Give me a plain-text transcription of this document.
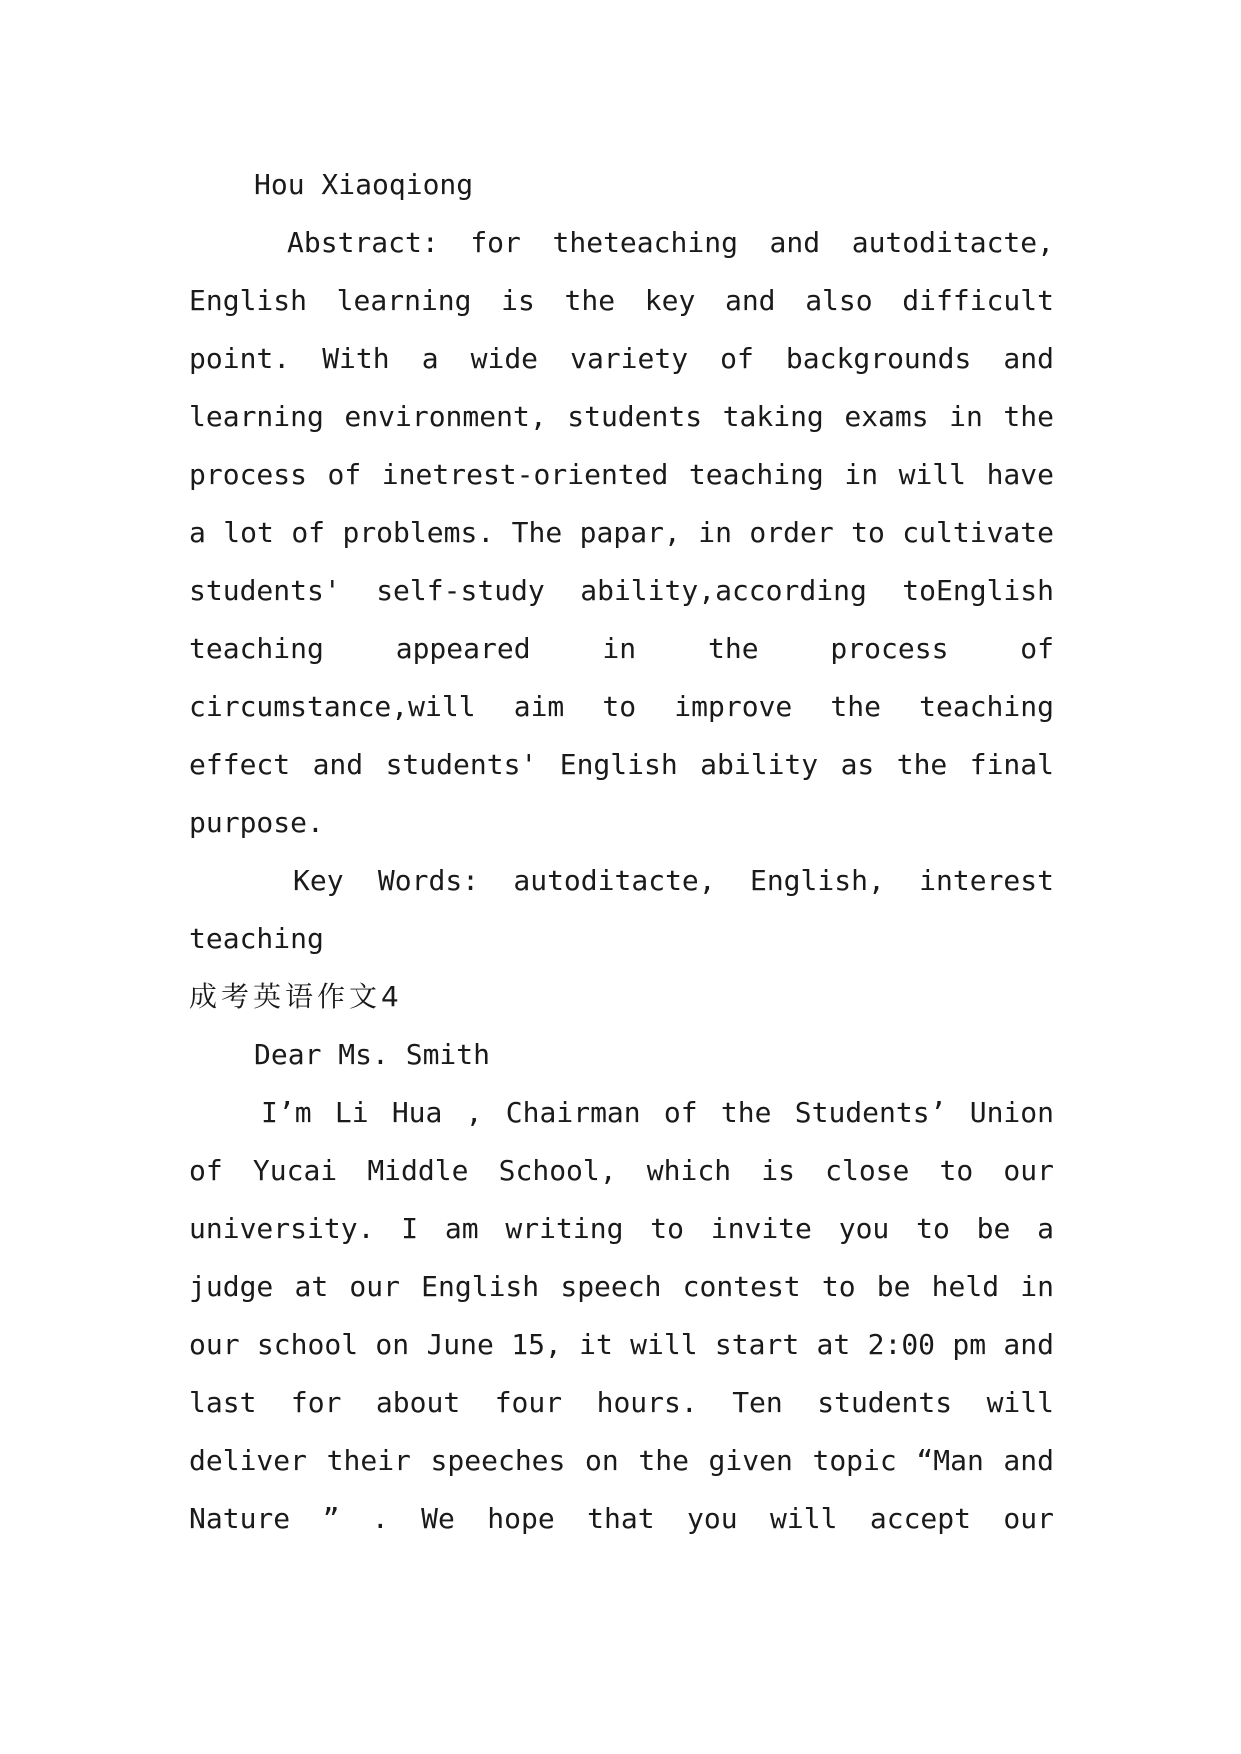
Hou Xiaoqiong
Abstract: for theteaching and autoditacte,
English learning is the key and also difficult
point. With a wide variety of backgrounds and
learning environment, students taking exams in the
process of inetrest-oriented teaching in will have
a lot of problems. The papar, in order to cultivate
students' self-study ability,according toEnglish
teaching appeared in the process of
circumstance,will aim to improve the teaching
effect and students' English ability as the final
purpose.
Key Words: autoditacte, English, interest
teaching
成考英语作文4
Dear Ms. Smith
I’m Li Hua , Chairman of the Students’ Union
of Yucai Middle School, which is close to our
university. I am writing to invite you to be a
judge at our English speech contest to be held in
our school on June 15, it will start at 2:00 pm and
last for about four hours. Ten students will
deliver their speeches on the given topic “Man and
Nature ” . We hope that you will accept our
